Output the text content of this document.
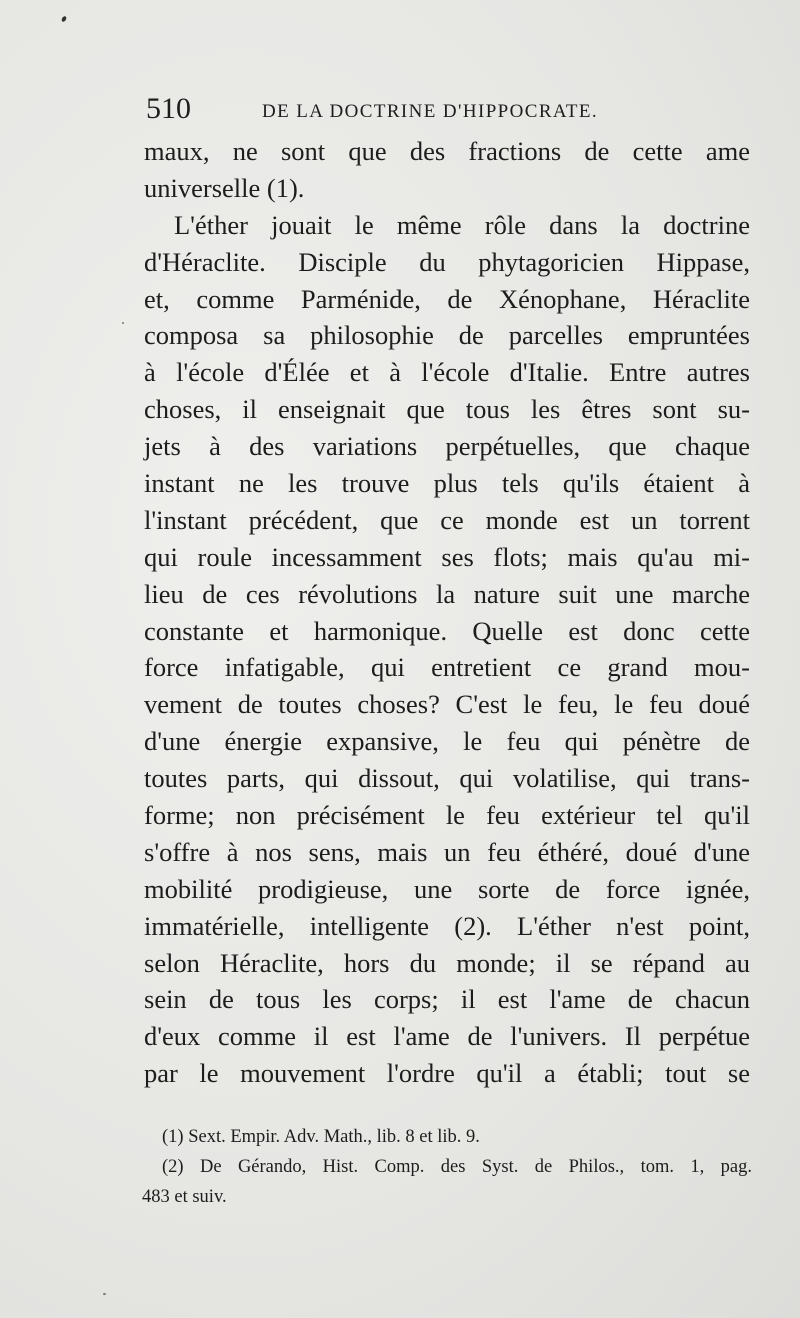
510	DE LA DOCTRINE D'HIPPOCRATE.
maux, ne sont que des fractions de cette ame
universelle (1).
L'éther jouait le même rôle dans la doctrine
d'Héraclite. Disciple du phytagoricien Hippase,
et, comme Parménide, de Xénophane, Héraclite
composa sa philosophie de parcelles empruntées
à l'école d'Élée et à l'école d'Italie. Entre autres
choses, il enseignait que tous les êtres sont su-
jets à des variations perpétuelles, que chaque
instant ne les trouve plus tels qu'ils étaient à
l'instant précédent, que ce monde est un torrent
qui roule incessamment ses flots; mais qu'au mi-
lieu de ces révolutions la nature suit une marche
constante et harmonique. Quelle est donc cette
force infatigable, qui entretient ce grand mou-
vement de toutes choses? C'est le feu, le feu doué
d'une énergie expansive, le feu qui pénètre de
toutes parts, qui dissout, qui volatilise, qui trans-
forme; non précisément le feu extérieur tel qu'il
s'offre à nos sens, mais un feu éthéré, doué d'une
mobilité prodigieuse, une sorte de force ignée,
immatérielle, intelligente (2). L'éther n'est point,
selon Héraclite, hors du monde; il se répand au
sein de tous les corps; il est l'ame de chacun
d'eux comme il est l'ame de l'univers. Il perpétue
par le mouvement l'ordre qu'il a établi; tout se
(1) Sext. Empir. Adv. Math., lib. 8 et lib. 9.
(2) De Gérando, Hist. Comp. des Syst. de Philos., tom. 1, pag.
483 et suiv.
